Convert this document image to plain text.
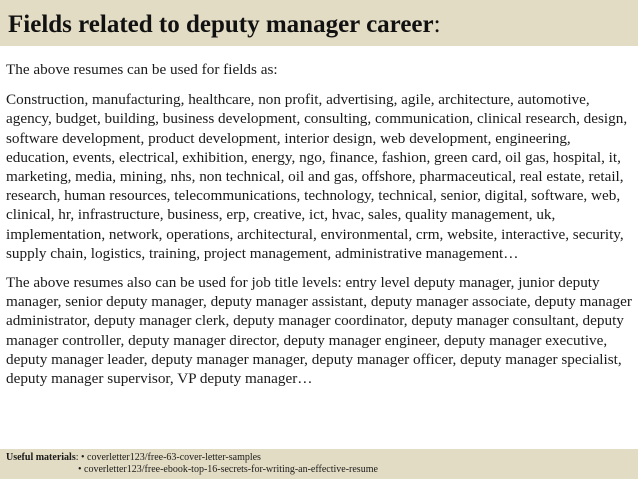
Fields related to deputy manager career:

The above resumes can be used for fields as:

Construction, manufacturing, healthcare, non profit, advertising, agile, architecture, automotive, agency, budget, building, business development, consulting, communication, clinical research, design, software development, product development, interior design, web development, engineering, education, events, electrical, exhibition, energy, ngo, finance, fashion, green card, oil gas, hospital, it, marketing, media, mining, nhs, non technical, oil and gas, offshore, pharmaceutical, real estate, retail, research, human resources, telecommunications, technology, technical, senior, digital, software, web, clinical, hr, infrastructure, business, erp, creative, ict, hvac, sales, quality management, uk, implementation, network, operations, architectural, environmental, crm, website, interactive, security, supply chain, logistics, training, project management, administrative management…

The above resumes also can be used for job title levels: entry level deputy manager, junior deputy manager, senior deputy manager, deputy manager assistant, deputy manager associate, deputy manager administrator, deputy manager clerk, deputy manager coordinator, deputy manager consultant, deputy manager controller, deputy manager director, deputy manager engineer, deputy manager executive, deputy manager leader, deputy manager manager, deputy manager officer, deputy manager specialist, deputy manager supervisor, VP deputy manager…

Useful materials: • coverletter123/free-63-cover-letter-samples
• coverletter123/free-ebook-top-16-secrets-for-writing-an-effective-resume
